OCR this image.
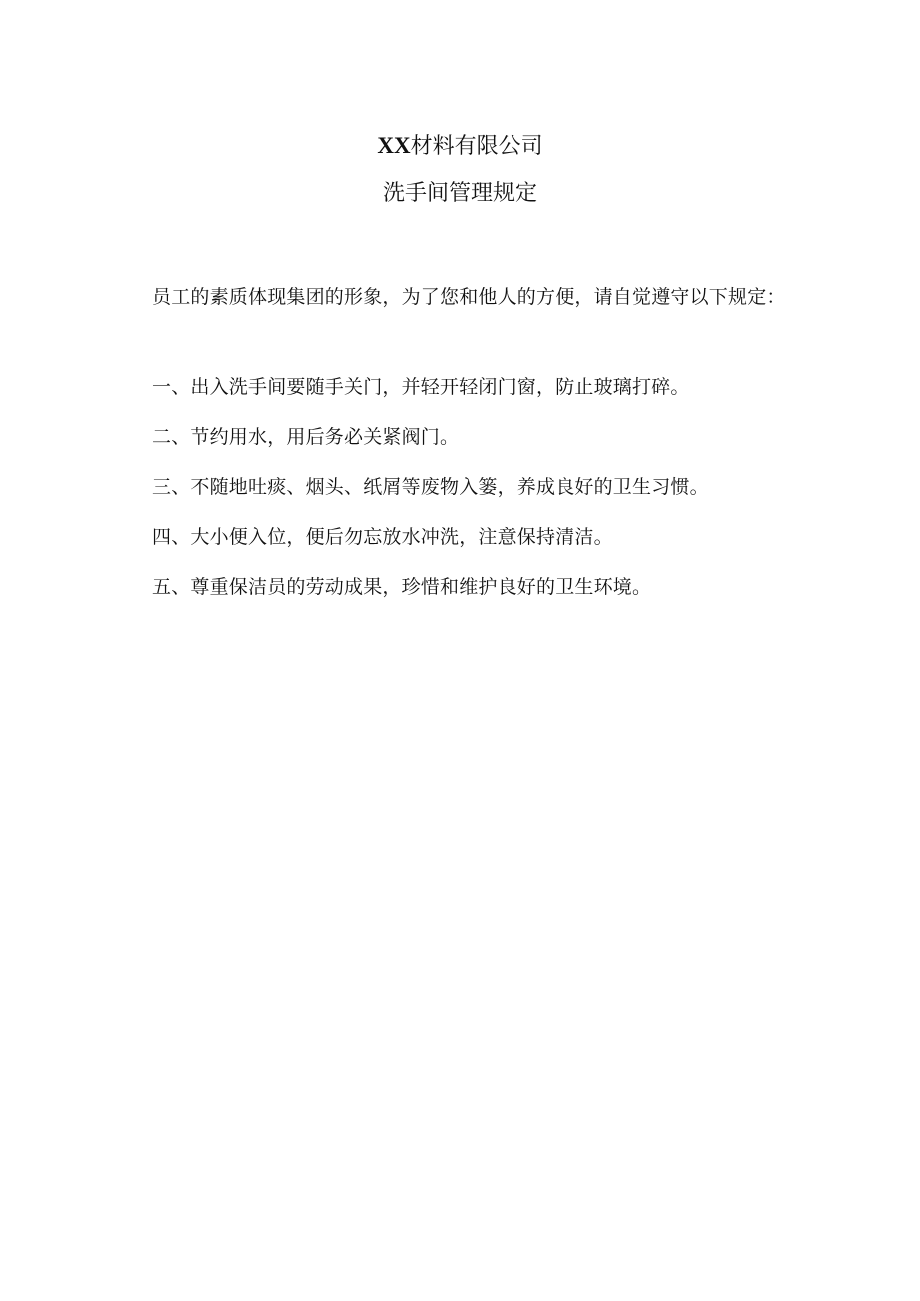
XX材料有限公司
洗手间管理规定
员工的素质体现集团的形象，为了您和他人的方便，请自觉遵守以下规定：
一、出入洗手间要随手关门，并轻开轻闭门窗，防止玻璃打碎。
二、节约用水，用后务必关紧阀门。
三、不随地吐痰、烟头、纸屑等废物入篓，养成良好的卫生习惯。
四、大小便入位，便后勿忘放水冲洗，注意保持清洁。
五、尊重保洁员的劳动成果，珍惜和维护良好的卫生环境。
